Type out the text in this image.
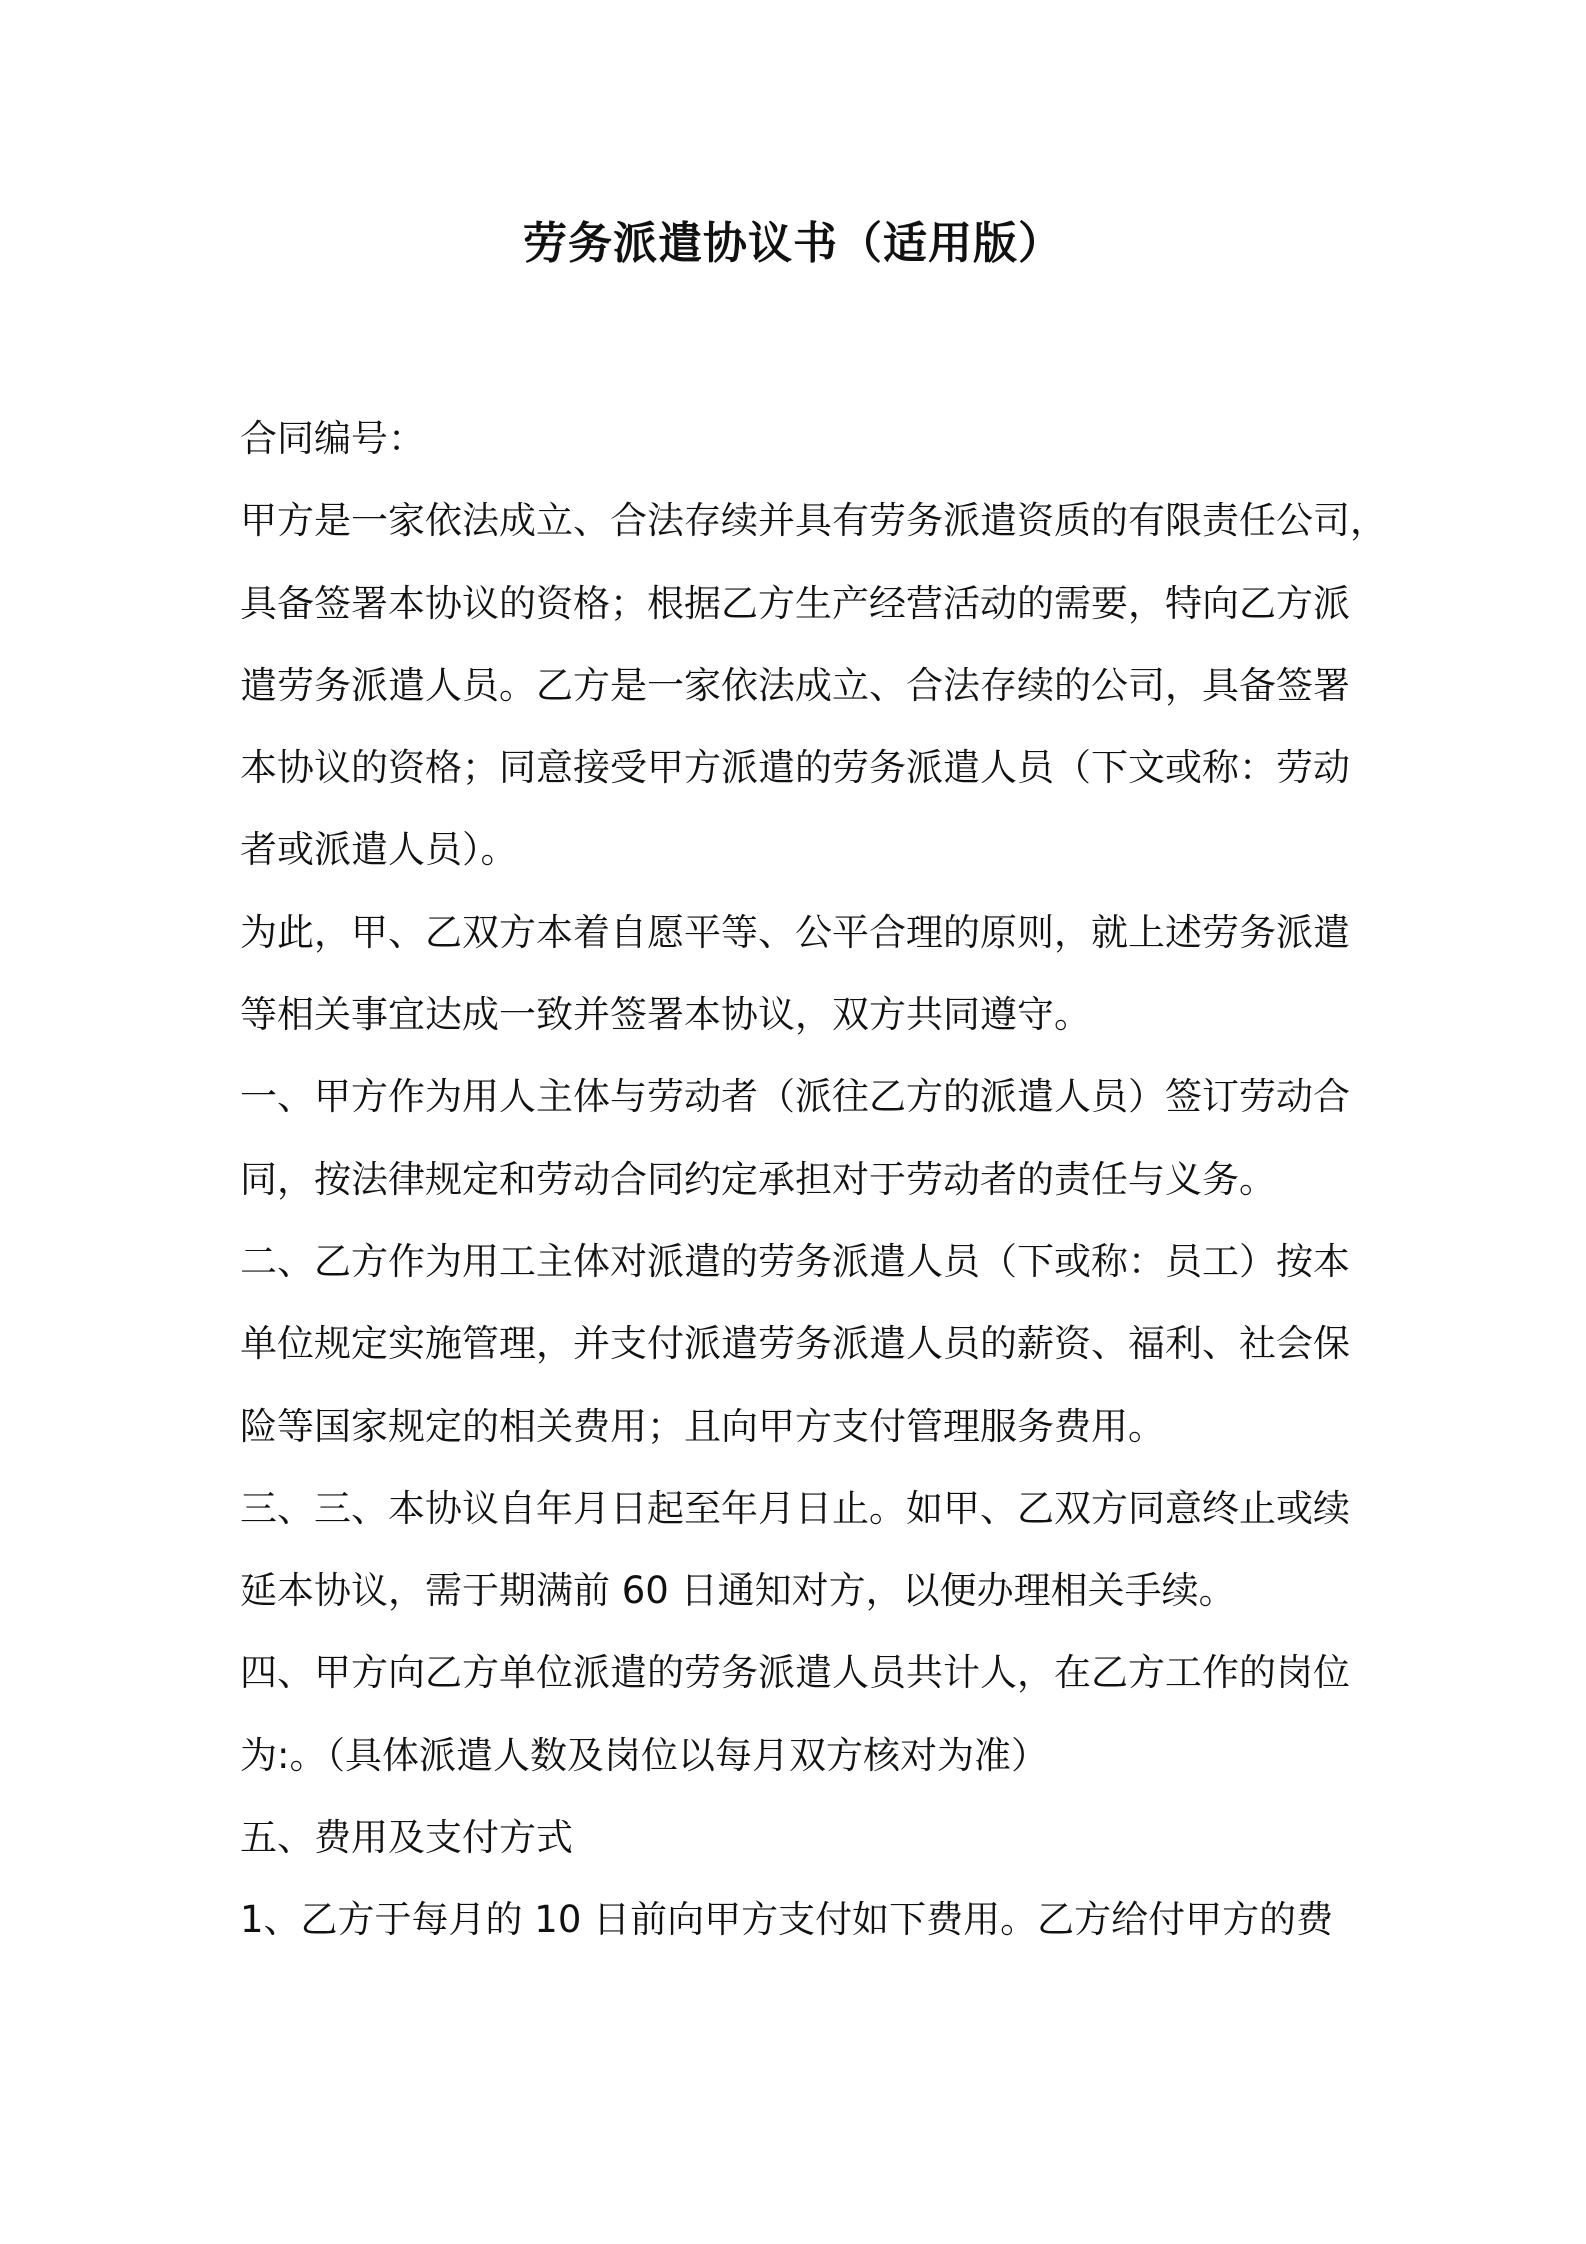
劳务派遣协议书（适用版）
合同编号：
甲方是一家依法成立、合法存续并具有劳务派遣资质的有限责任公司，
具备签署本协议的资格；根据乙方生产经营活动的需要，特向乙方派
遣劳务派遣人员。乙方是一家依法成立、合法存续的公司，具备签署
本协议的资格；同意接受甲方派遣的劳务派遣人员（下文或称：劳动
者或派遣人员）。
为此，甲、乙双方本着自愿平等、公平合理的原则，就上述劳务派遣
等相关事宜达成一致并签署本协议，双方共同遵守。
一、甲方作为用人主体与劳动者（派往乙方的派遣人员）签订劳动合
同，按法律规定和劳动合同约定承担对于劳动者的责任与义务。
二、乙方作为用工主体对派遣的劳务派遣人员（下或称：员工）按本
单位规定实施管理，并支付派遣劳务派遣人员的薪资、福利、社会保
险等国家规定的相关费用；且向甲方支付管理服务费用。
三、三、本协议自年月日起至年月日止。如甲、乙双方同意终止或续
延本协议，需于期满前 60 日通知对方，以便办理相关手续。
四、甲方向乙方单位派遣的劳务派遣人员共计人，在乙方工作的岗位
为:。（具体派遣人数及岗位以每月双方核对为准）
五、费用及支付方式
1、乙方于每月的 10 日前向甲方支付如下费用。乙方给付甲方的费
